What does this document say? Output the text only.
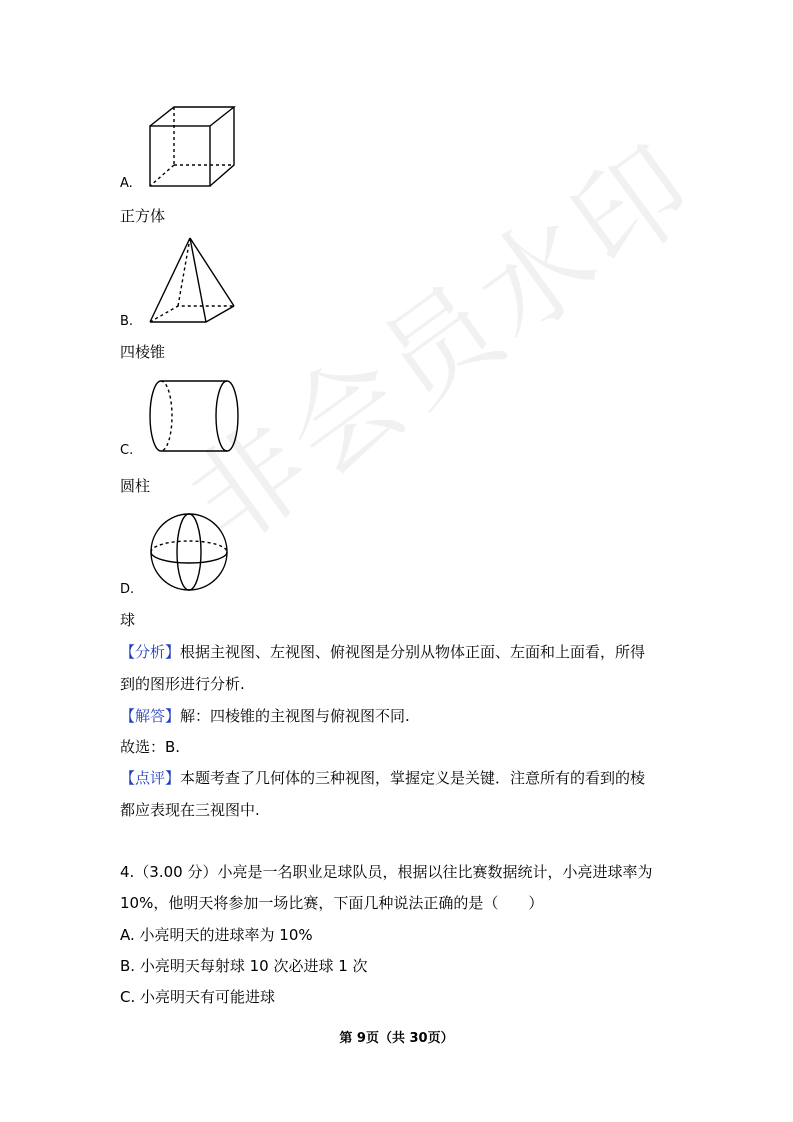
非会员水印
A.
正方体
B.
四棱锥
C.
圆柱
D.
球
【分析】根据主视图、左视图、俯视图是分别从物体正面、左面和上面看，所得
到的图形进行分析.
【解答】解：四棱锥的主视图与俯视图不同.
故选：B.
【点评】本题考查了几何体的三种视图，掌握定义是关键．注意所有的看到的棱
都应表现在三视图中.
4.（3.00 分）小亮是一名职业足球队员，根据以往比赛数据统计，小亮进球率为
10%，他明天将参加一场比赛，下面几种说法正确的是（　　）
A. 小亮明天的进球率为 10%
B. 小亮明天每射球 10 次必进球 1 次
C. 小亮明天有可能进球
第 9页（共 30页）
